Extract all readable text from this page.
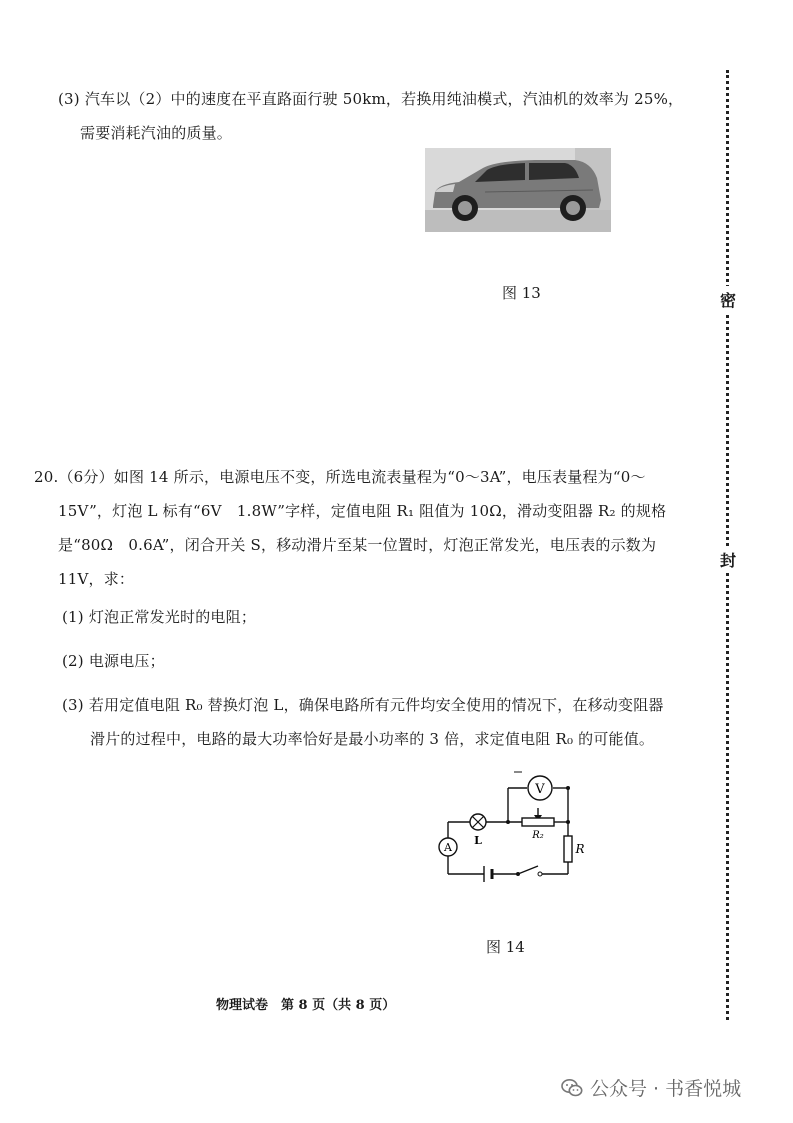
密
封
(3) 汽车以（2）中的速度在平直路面行驶 50km，若换用纯油模式，汽油机的效率为 25%，
需要消耗汽油的质量。
图 13
20.（6分）如图 14 所示，电源电压不变，所选电流表量程为“0～3A”，电压表量程为“0～
15V”，灯泡 L 标有“6V　1.8W”字样，定值电阻 R₁ 阻值为 10Ω，滑动变阻器 R₂ 的规格
是“80Ω　0.6A”，闭合开关 S，移动滑片至某一位置时，灯泡正常发光，电压表的示数为
11V，求：
(1) 灯泡正常发光时的电阻；
(2) 电源电压；
(3) 若用定值电阻 R₀ 替换灯泡 L，确保电路所有元件均安全使用的情况下，在移动变阻器
滑片的过程中，电路的最大功率恰好是最小功率的 3 倍，求定值电阻 R₀ 的可能值。
V
L	R₂
A	R
图 14
物理试卷　第 8 页（共 8 页）
公众号 · 书香悦城
